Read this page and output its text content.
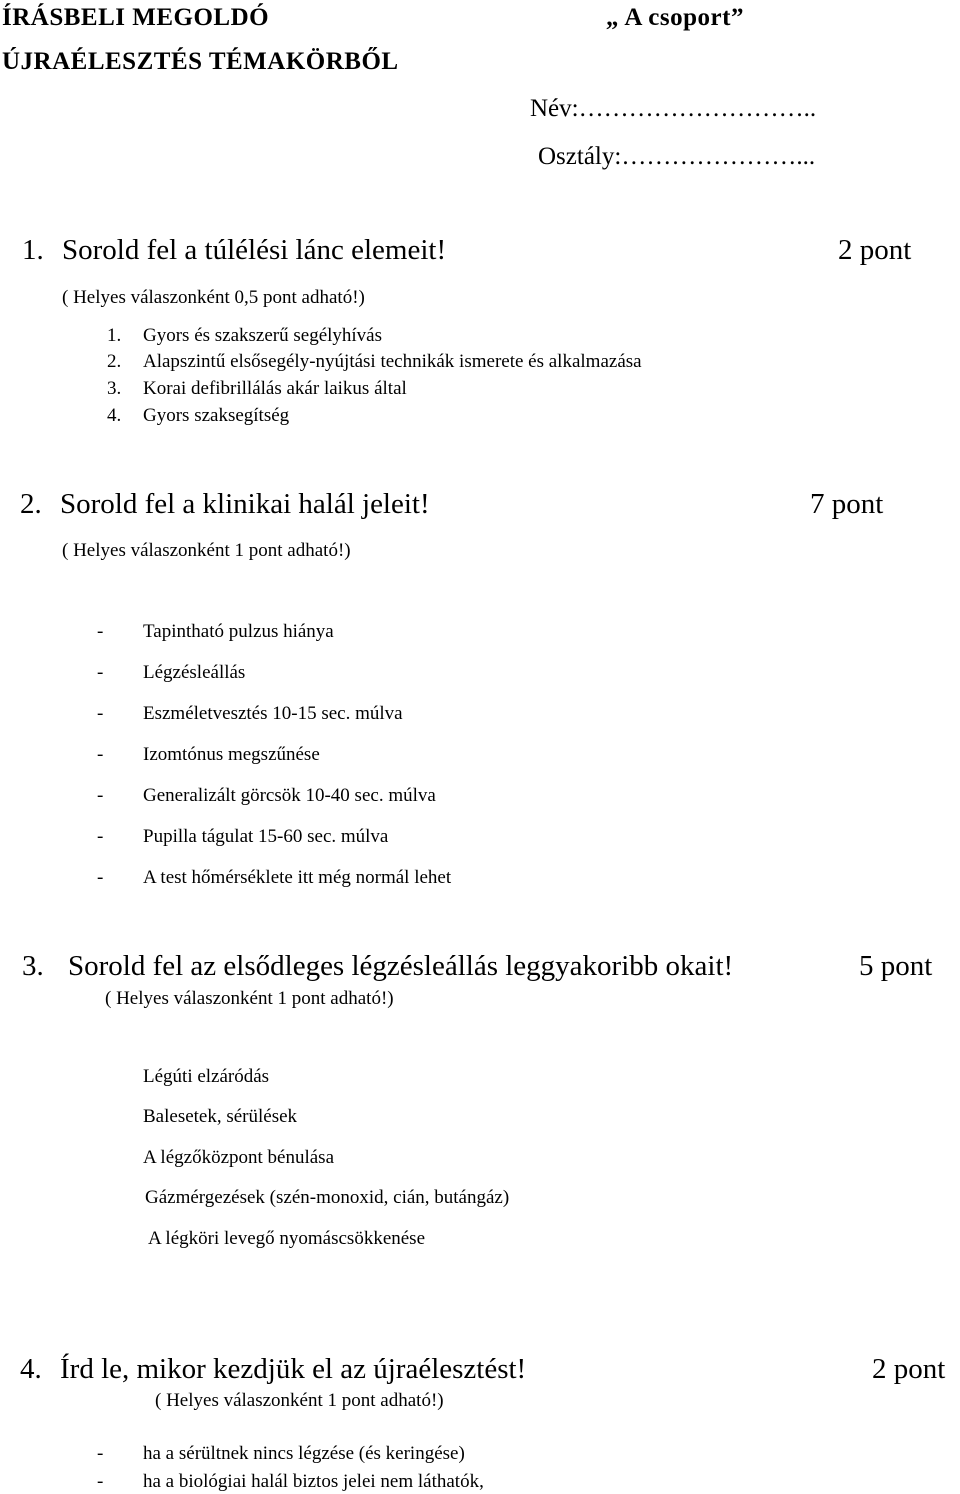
ÍRÁSBELI MEGOLDÓ
ÚJRAÉLESZTÉS TÉMAKÖRBŐL
„ A csoport”
Név:………………………..
Osztály:…………………...
1. Sorold fel a túlélési lánc elemeit!	2 pont
( Helyes válaszonként 0,5 pont adható!)
1. Gyors és szakszerű segélyhívás
2. Alapszintű elsősegély-nyújtási technikák ismerete és alkalmazása
3. Korai defibrillálás akár laikus által
4. Gyors szaksegítség
2. Sorold fel a klinikai halál jeleit!	7 pont
( Helyes válaszonként 1 pont adható!)
- Tapintható pulzus hiánya
- Légzésleállás
- Eszméletvesztés 10-15 sec. múlva
- Izomtónus megszűnése
- Generalizált görcsök 10-40 sec. múlva
- Pupilla tágulat 15-60 sec. múlva
- A test hőmérséklete itt még normál lehet
3. Sorold fel az elsődleges légzésleállás leggyakoribb okait!	5 pont
( Helyes válaszonként 1 pont adható!)
Légúti elzáródás
Balesetek, sérülések
A légzőközpont bénulása
Gázmérgezések (szén-monoxid, cián, butángáz)
A légköri levegő nyomáscsökkenése
4. Írd le, mikor kezdjük el az újraélesztést!	2 pont
( Helyes válaszonként 1 pont adható!)
- ha a sérültnek nincs légzése (és keringése)
- ha a biológiai halál biztos jelei nem láthatók,
